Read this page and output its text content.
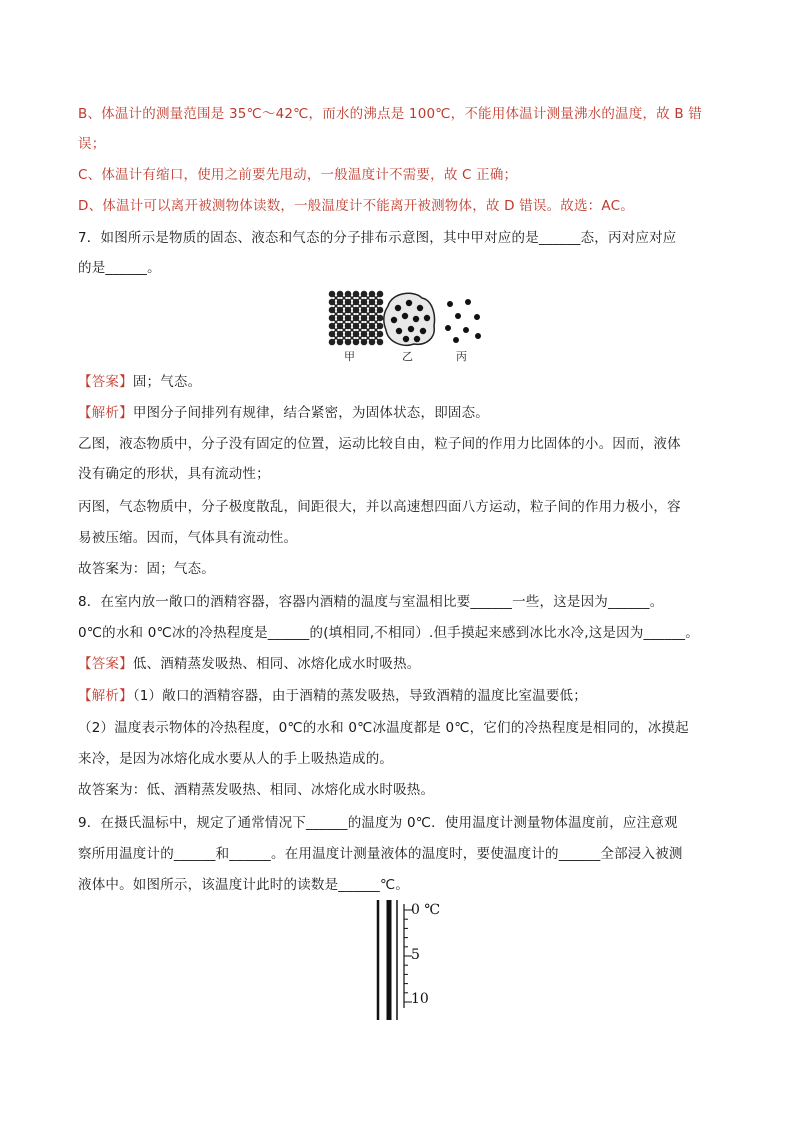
B、体温计的测量范围是 35℃～42℃，而水的沸点是 100℃，不能用体温计测量沸水的温度，故 B 错
误；
C、体温计有缩口，使用之前要先甩动，一般温度计不需要，故 C 正确；
D、体温计可以离开被测物体读数，一般温度计不能离开被测物体，故 D 错误。故选：AC。
7．如图所示是物质的固态、液态和气态的分子排布示意图，其中甲对应的是______态，丙对应对应
的是______。
甲	乙	丙
【答案】固；气态。
【解析】甲图分子间排列有规律，结合紧密，为固体状态，即固态。
乙图，液态物质中，分子没有固定的位置，运动比较自由，粒子间的作用力比固体的小。因而，液体
没有确定的形状，具有流动性；
丙图，气态物质中，分子极度散乱，间距很大，并以高速想四面八方运动，粒子间的作用力极小，容
易被压缩。因而，气体具有流动性。
故答案为：固；气态。
8．在室内放一敞口的酒精容器，容器内酒精的温度与室温相比要______一些，这是因为______。
0℃的水和 0℃冰的冷热程度是______的(填相同,不相同）.但手摸起来感到冰比水冷,这是因为______。
【答案】低、酒精蒸发吸热、相同、冰熔化成水时吸热。
【解析】（1）敞口的酒精容器，由于酒精的蒸发吸热，导致酒精的温度比室温要低；
（2）温度表示物体的冷热程度，0℃的水和 0℃冰温度都是 0℃，它们的冷热程度是相同的，冰摸起
来冷，是因为冰熔化成水要从人的手上吸热造成的。
故答案为：低、酒精蒸发吸热、相同、冰熔化成水时吸热。
9．在摄氏温标中，规定了通常情况下______的温度为 0℃．使用温度计测量物体温度前，应注意观
察所用温度计的______和______。在用温度计测量液体的温度时，要使温度计的______全部浸入被测
液体中。如图所示，该温度计此时的读数是______℃。
0 ℃
5
10
